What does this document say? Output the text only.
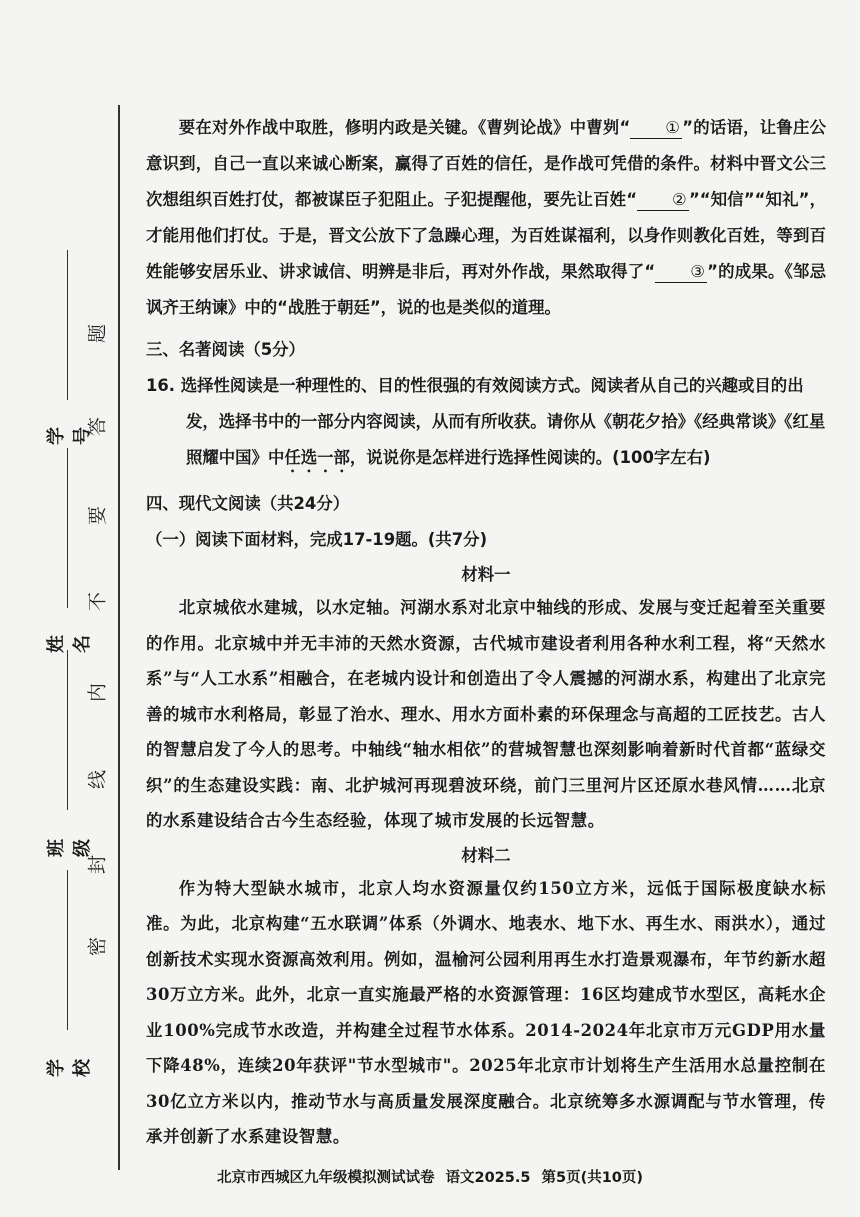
学校
班级
姓名
学号
密
封
线
内
不
要
答
题

要在对外作战中取胜，修明内政是关键。《曹刿论战》中曹刿“ ① ”的话语，让鲁庄公意识到，自己一直以来诚心断案，赢得了百姓的信任，是作战可凭借的条件。材料中晋文公三次想组织百姓打仗，都被谋臣子犯阻止。子犯提醒他，要先让百姓“ ② ”“知信”“知礼”，才能用他们打仗。于是，晋文公放下了急躁心理，为百姓谋福利，以身作则教化百姓，等到百姓能够安居乐业、讲求诚信、明辨是非后，再对外作战，果然取得了“ ③ ”的成果。《邹忌讽齐王纳谏》中的“战胜于朝廷”，说的也是类似的道理。

三、名著阅读（5分）

16. 选择性阅读是一种理性的、目的性很强的有效阅读方式。阅读者从自己的兴趣或目的出发，选择书中的一部分内容阅读，从而有所收获。请你从《朝花夕拾》《经典常谈》《红星照耀中国》中任选一部，说说你是怎样进行选择性阅读的。(100字左右)

四、现代文阅读（共24分）

（一）阅读下面材料，完成17-19题。(共7分)

材料一

北京城依水建城，以水定轴。河湖水系对北京中轴线的形成、发展与变迁起着至关重要的作用。北京城中并无丰沛的天然水资源，古代城市建设者利用各种水利工程，将“天然水系”与“人工水系”相融合，在老城内设计和创造出了令人震撼的河湖水系，构建出了北京完善的城市水利格局，彰显了治水、理水、用水方面朴素的环保理念与高超的工匠技艺。古人的智慧启发了今人的思考。中轴线“轴水相依”的营城智慧也深刻影响着新时代首都“蓝绿交织”的生态建设实践：南、北护城河再现碧波环绕，前门三里河片区还原水巷风情……北京的水系建设结合古今生态经验，体现了城市发展的长远智慧。

材料二

作为特大型缺水城市，北京人均水资源量仅约150立方米，远低于国际极度缺水标准。为此，北京构建“五水联调”体系（外调水、地表水、地下水、再生水、雨洪水），通过创新技术实现水资源高效利用。例如，温榆河公园利用再生水打造景观瀑布，年节约新水超30万立方米。此外，北京一直实施最严格的水资源管理：16区均建成节水型区，高耗水企业100%完成节水改造，并构建全过程节水体系。2014-2024年北京市万元GDP用水量下降48%，连续20年获评"节水型城市"。2025年北京市计划将生产生活用水总量控制在30亿立方米以内，推动节水与高质量发展深度融合。北京统筹多水源调配与节水管理，传承并创新了水系建设智慧。

北京市西城区九年级模拟测试试卷 语文2025.5 第5页(共10页)
